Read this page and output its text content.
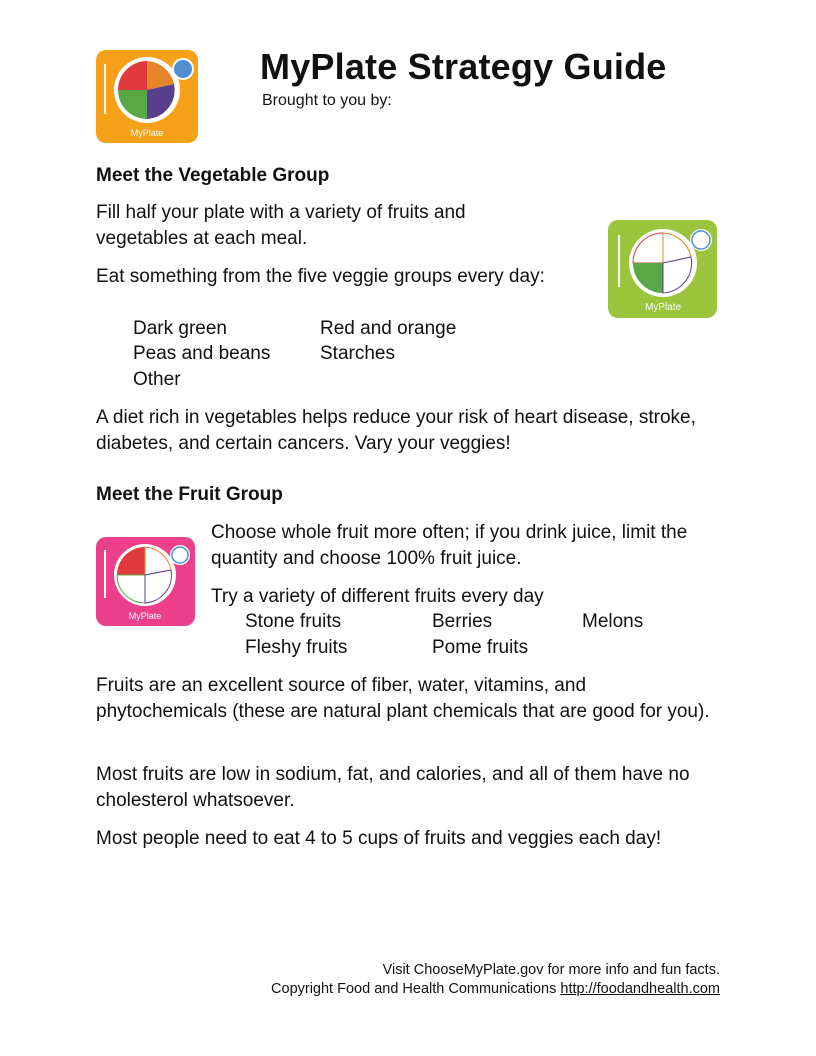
MyPlate
MyPlate Strategy Guide
Brought to you by:
Meet the Vegetable Group
Fill half your plate with a variety of fruits and vegetables at each meal.
Eat something from the five veggie groups every day:
Dark green	Red and orange
Peas and beans	Starches
Other
MyPlate
A diet rich in vegetables helps reduce your risk of heart disease, stroke, diabetes, and certain cancers. Vary your veggies!
Meet the Fruit Group
MyPlate
Choose whole fruit more often; if you drink juice, limit the quantity and choose 100% fruit juice.
Try a variety of different fruits every day
Stone fruits	Berries	Melons
Fleshy fruits	Pome fruits
Fruits are an excellent source of fiber, water, vitamins, and phytochemicals (these are natural plant chemicals that are good for you).
Most fruits are low in sodium, fat, and calories, and all of them have no cholesterol whatsoever.
Most people need to eat 4 to 5 cups of fruits and veggies each day!
Visit ChooseMyPlate.gov for more info and fun facts.
Copyright Food and Health Communications http://foodandhealth.com
